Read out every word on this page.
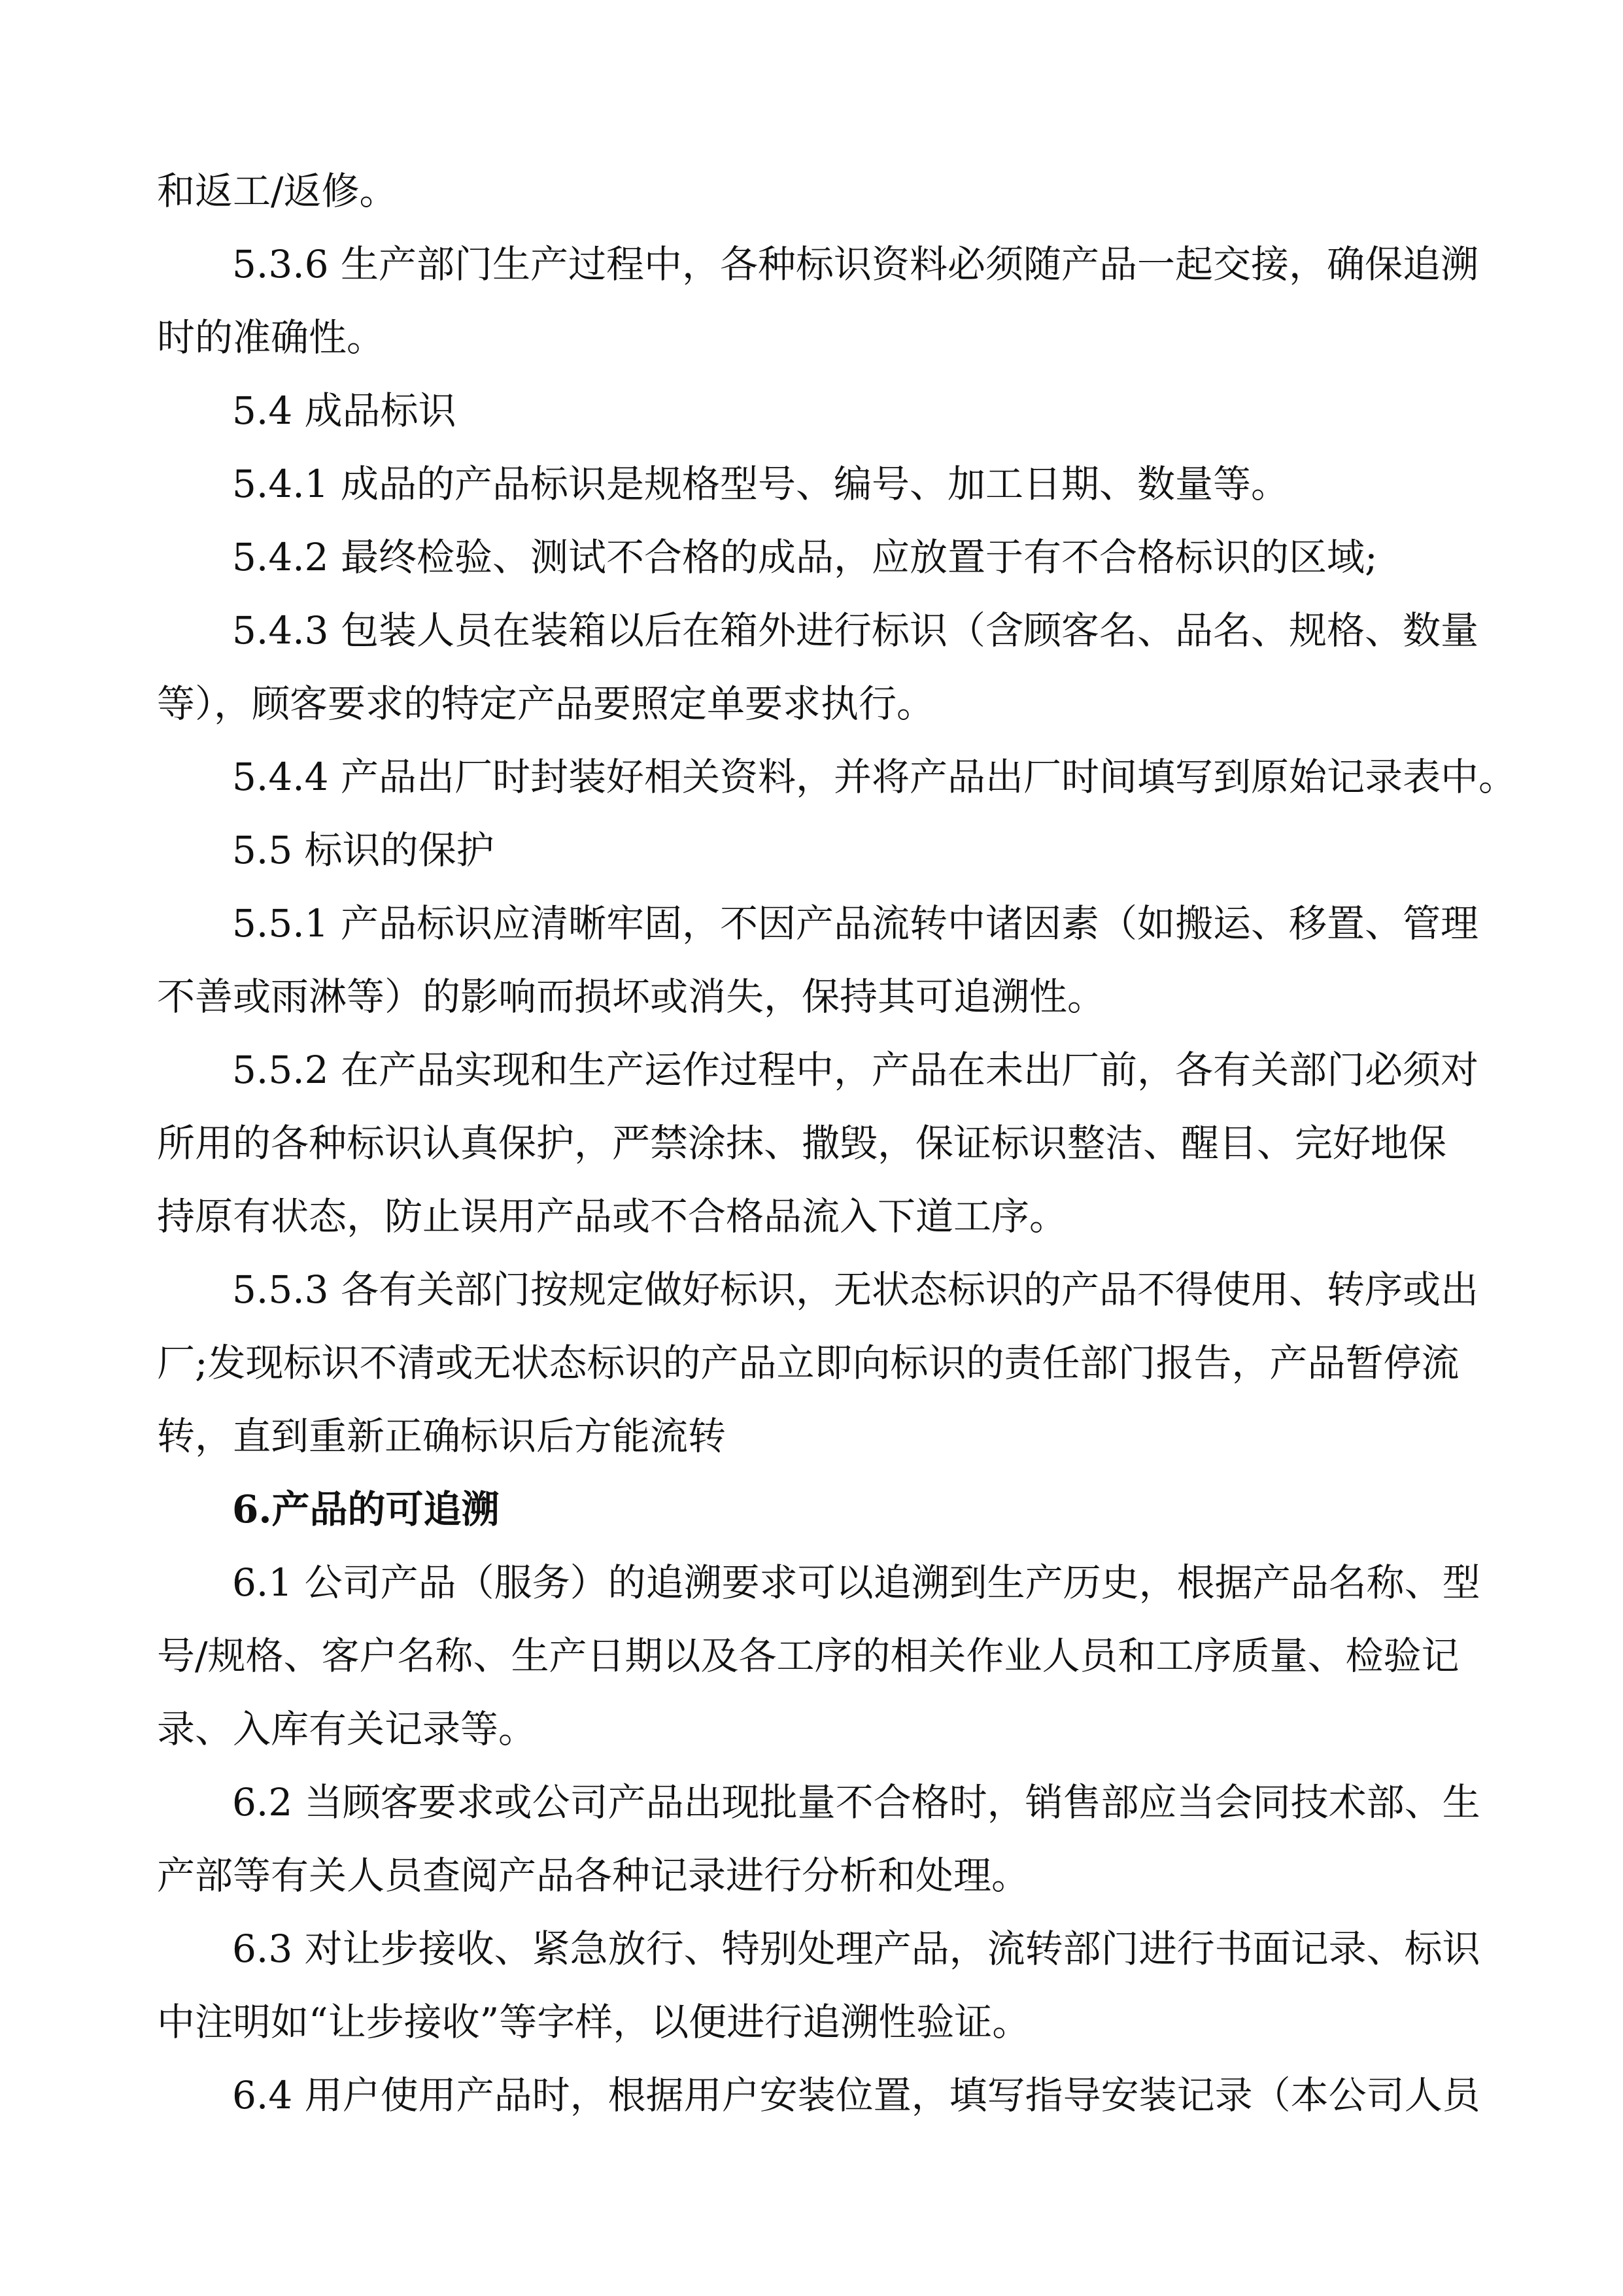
和返工/返修。
5.3.6 生产部门生产过程中，各种标识资料必须随产品一起交接，确保追溯
时的准确性。
5.4 成品标识
5.4.1 成品的产品标识是规格型号、编号、加工日期、数量等。
5.4.2 最终检验、测试不合格的成品，应放置于有不合格标识的区域;
5.4.3 包装人员在装箱以后在箱外进行标识（含顾客名、品名、规格、数量
等），顾客要求的特定产品要照定单要求执行。
5.4.4 产品出厂时封装好相关资料，并将产品出厂时间填写到原始记录表中。
5.5 标识的保护
5.5.1 产品标识应清晰牢固，不因产品流转中诸因素（如搬运、移置、管理
不善或雨淋等）的影响而损坏或消失，保持其可追溯性。
5.5.2 在产品实现和生产运作过程中，产品在未出厂前，各有关部门必须对
所用的各种标识认真保护，严禁涂抹、撒毁，保证标识整洁、醒目、完好地保
持原有状态，防止误用产品或不合格品流入下道工序。
5.5.3 各有关部门按规定做好标识，无状态标识的产品不得使用、转序或出
厂;发现标识不清或无状态标识的产品立即向标识的责任部门报告，产品暂停流
转，直到重新正确标识后方能流转
6.产品的可追溯
6.1 公司产品（服务）的追溯要求可以追溯到生产历史，根据产品名称、型
号/规格、客户名称、生产日期以及各工序的相关作业人员和工序质量、检验记
录、入库有关记录等。
6.2 当顾客要求或公司产品出现批量不合格时，销售部应当会同技术部、生
产部等有关人员查阅产品各种记录进行分析和处理。
6.3 对让步接收、紧急放行、特别处理产品，流转部门进行书面记录、标识
中注明如“让步接收”等字样，以便进行追溯性验证。
6.4 用户使用产品时，根据用户安装位置，填写指导安装记录（本公司人员
